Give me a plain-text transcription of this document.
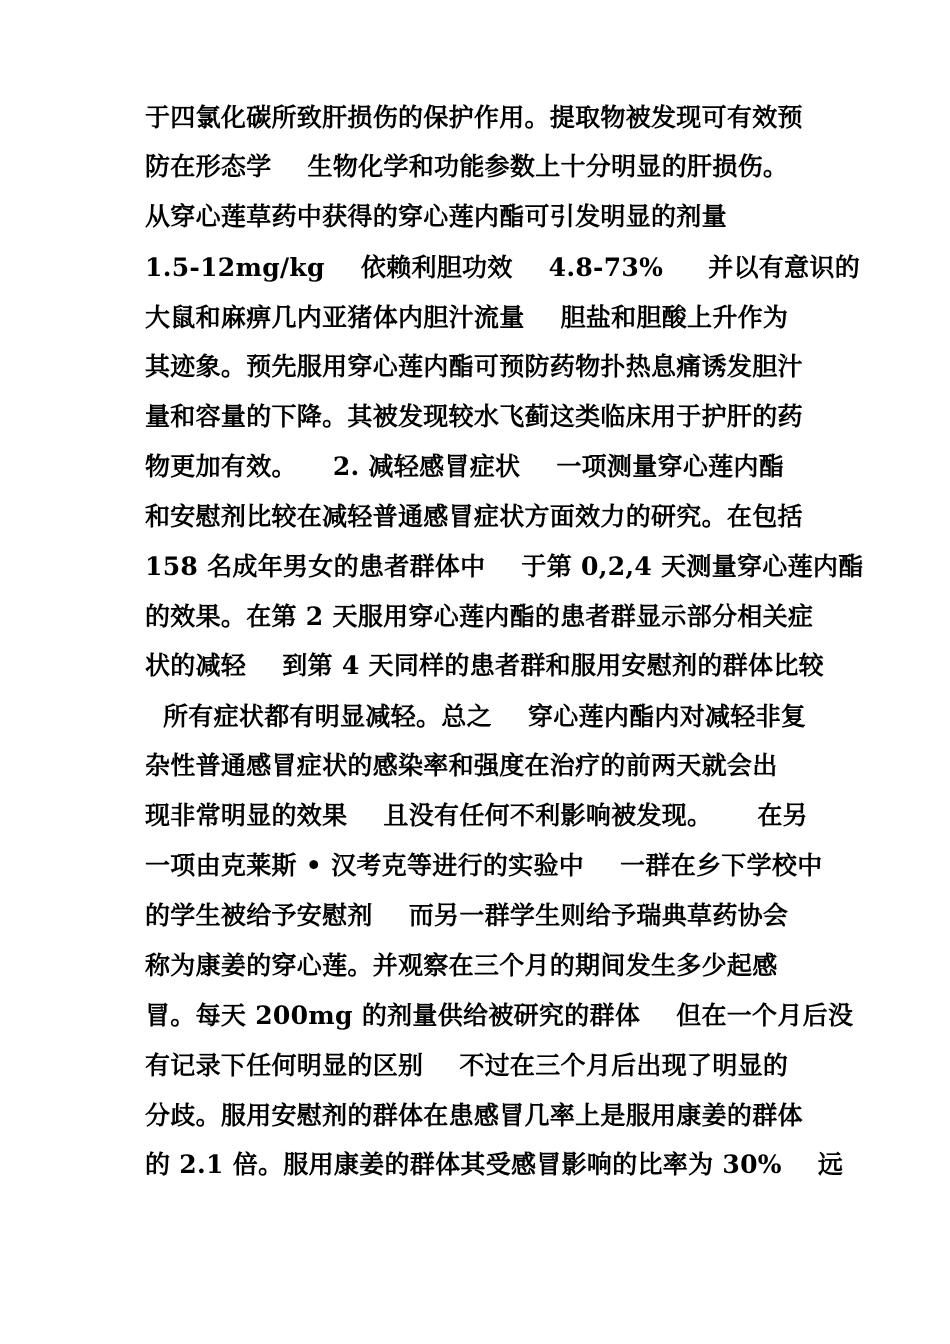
于四氯化碳所致肝损伤的保护作用。提取物被发现可有效预
防在形态学    生物化学和功能参数上十分明显的肝损伤。
从穿心莲草药中获得的穿心莲内酯可引发明显的剂量
1.5-12mg/kg    依赖利胆功效    4.8-73%     并以有意识的
大鼠和麻痹几内亚猪体内胆汁流量    胆盐和胆酸上升作为
其迹象。预先服用穿心莲内酯可预防药物扑热息痛诱发胆汁
量和容量的下降。其被发现较水飞蓟这类临床用于护肝的药
物更加有效。    2. 减轻感冒症状    一项测量穿心莲内酯
和安慰剂比较在减轻普通感冒症状方面效力的研究。在包括
158 名成年男女的患者群体中    于第 0,2,4 天测量穿心莲内酯
的效果。在第 2 天服用穿心莲内酯的患者群显示部分相关症
状的减轻    到第 4 天同样的患者群和服用安慰剂的群体比较
所有症状都有明显减轻。总之    穿心莲内酯内对减轻非复
杂性普通感冒症状的感染率和强度在治疗的前两天就会出
现非常明显的效果    且没有任何不利影响被发现。     在另
一项由克莱斯 • 汉考克等进行的实验中    一群在乡下学校中
的学生被给予安慰剂    而另一群学生则给予瑞典草药协会
称为康姜的穿心莲。并观察在三个月的期间发生多少起感
冒。每天 200mg 的剂量供给被研究的群体    但在一个月后没
有记录下任何明显的区别    不过在三个月后出现了明显的
分歧。服用安慰剂的群体在患感冒几率上是服用康姜的群体
的 2.1 倍。服用康姜的群体其受感冒影响的比率为 30%    远
